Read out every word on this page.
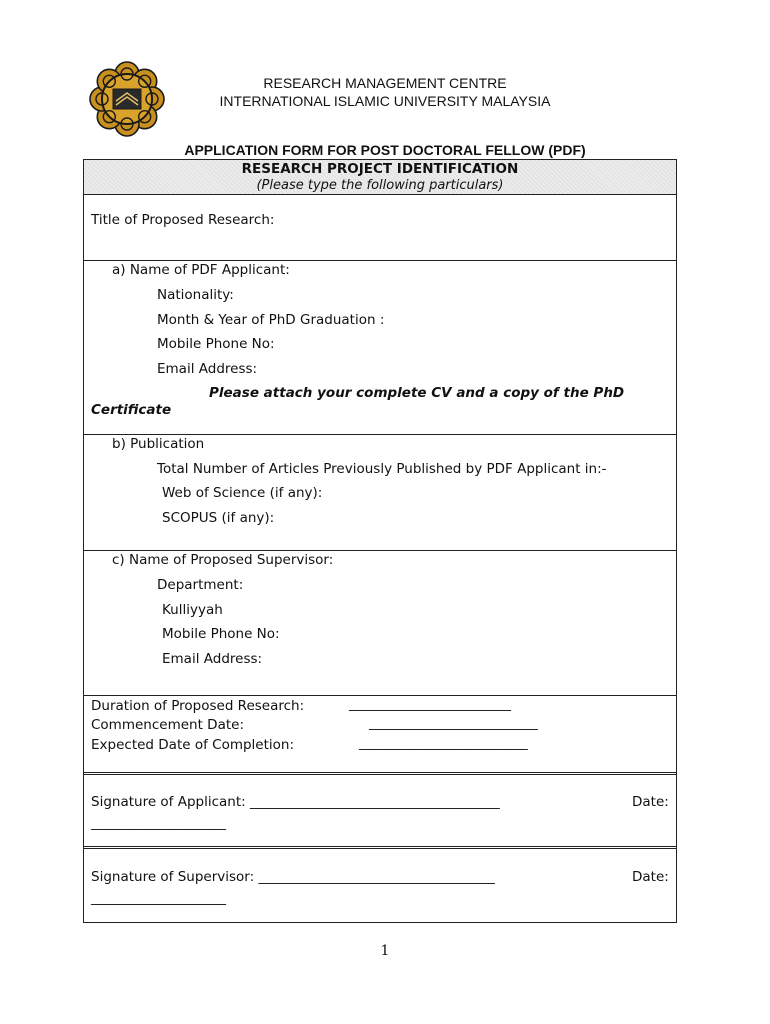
RESEARCH MANAGEMENT CENTRE
INTERNATIONAL ISLAMIC UNIVERSITY MALAYSIA
APPLICATION FORM FOR POST DOCTORAL FELLOW (PDF)
RESEARCH PROJECT IDENTIFICATION
(Please type the following particulars)
Title of Proposed Research:
a) Name of PDF Applicant:
Nationality:
Month & Year of PhD Graduation :
Mobile Phone No:
Email Address:
Please attach your complete CV and a copy of the PhD
Certificate
b) Publication
Total Number of Articles Previously Published by PDF Applicant in:-
Web of Science (if any):
SCOPUS (if any):
c) Name of Proposed Supervisor:
Department:
Kulliyyah
Mobile Phone No:
Email Address:
Duration of Proposed Research:	________________________
Commencement Date:	_________________________
Expected Date of Completion:	_________________________
Signature of Applicant: _____________________________________	Date:
____________________
Signature of Supervisor: ___________________________________	Date:
____________________
1
